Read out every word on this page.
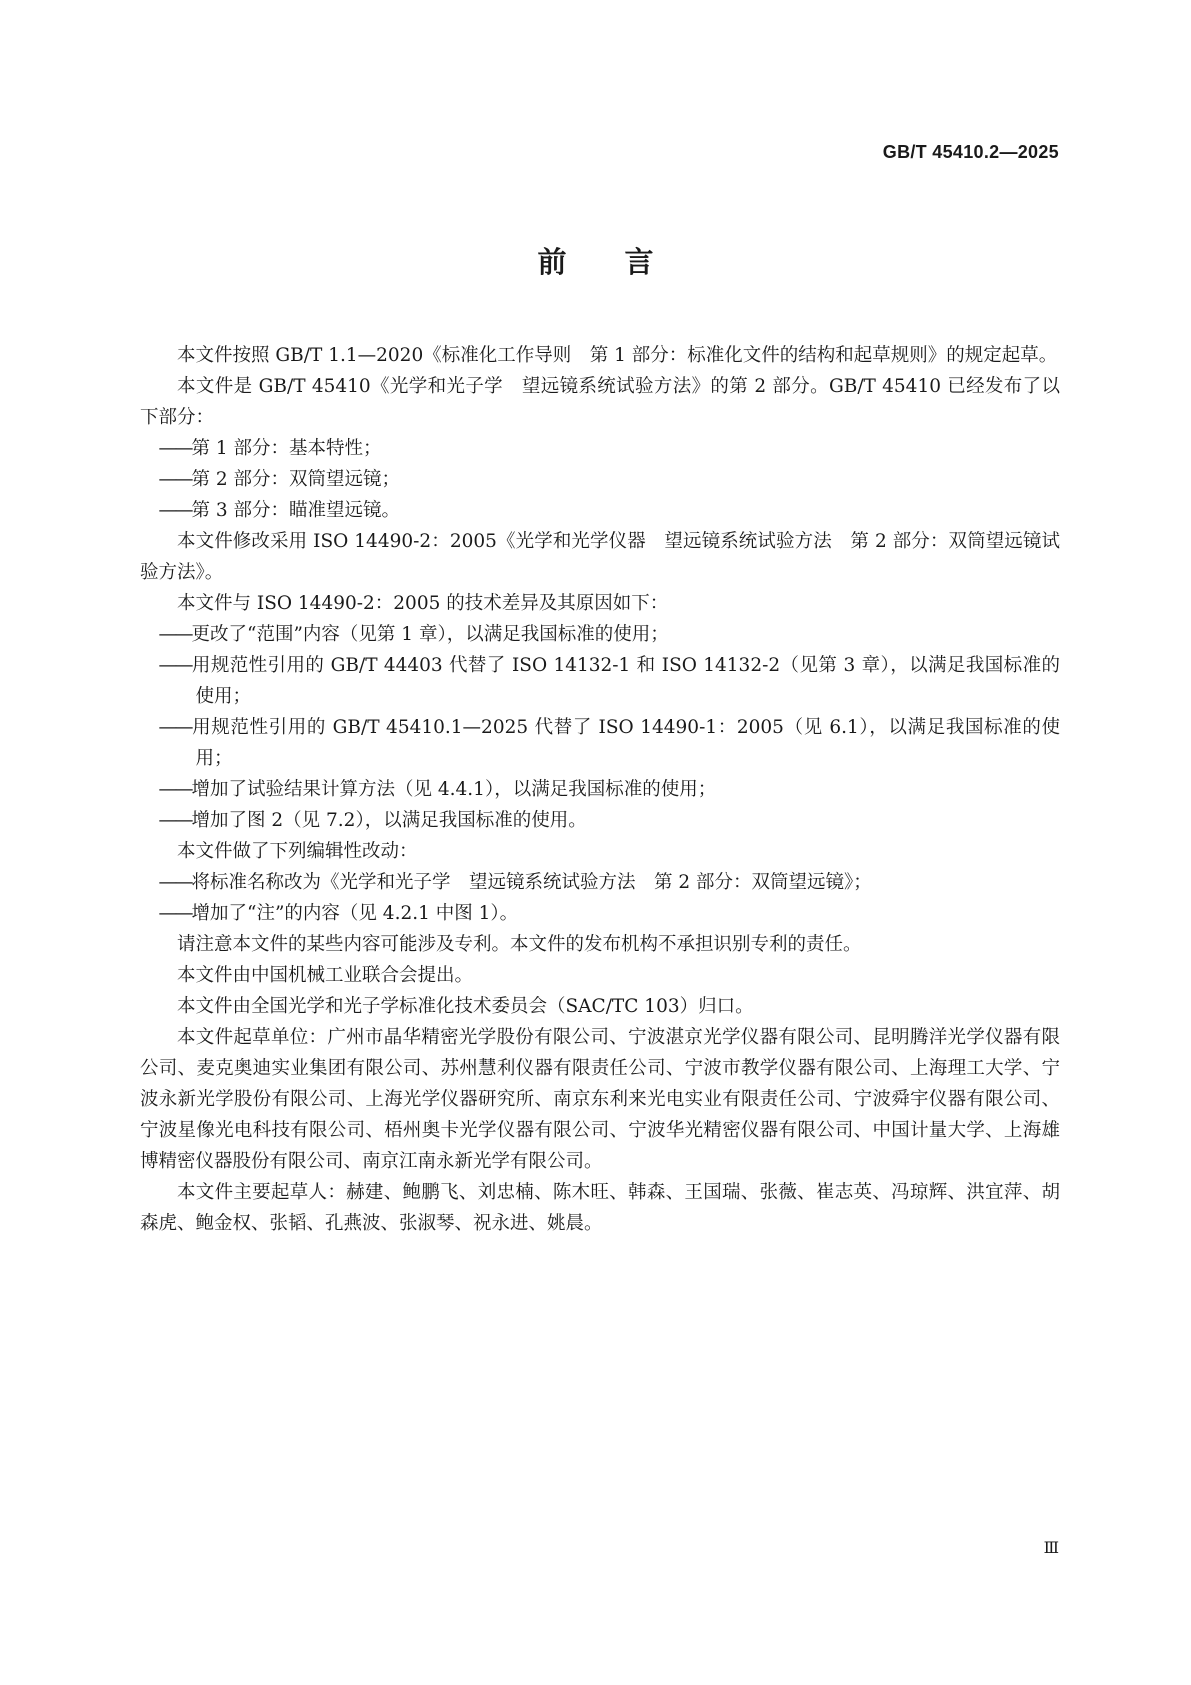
GB/T 45410.2—2025
前言

本文件按照 GB/T 1.1—2020《标准化工作导则　第 1 部分：标准化文件的结构和起草规则》的规定起草。

本文件是 GB/T 45410《光学和光子学　望远镜系统试验方法》的第 2 部分。GB/T 45410 已经发布了以下部分：

——第 1 部分：基本特性；

——第 2 部分：双筒望远镜；

——第 3 部分：瞄准望远镜。

本文件修改采用 ISO 14490-2：2005《光学和光学仪器　望远镜系统试验方法　第 2 部分：双筒望远镜试验方法》。

本文件与 ISO 14490-2：2005 的技术差异及其原因如下：

——更改了“范围”内容（见第 1 章），以满足我国标准的使用；

——用规范性引用的 GB/T 44403 代替了 ISO 14132-1 和 ISO 14132-2（见第 3 章），以满足我国标准的使用；

——用规范性引用的 GB/T 45410.1—2025 代替了 ISO 14490-1：2005（见 6.1），以满足我国标准的使用；

——增加了试验结果计算方法（见 4.4.1），以满足我国标准的使用；

——增加了图 2（见 7.2），以满足我国标准的使用。

本文件做了下列编辑性改动：

——将标准名称改为《光学和光子学　望远镜系统试验方法　第 2 部分：双筒望远镜》；

——增加了“注”的内容（见 4.2.1 中图 1）。

请注意本文件的某些内容可能涉及专利。本文件的发布机构不承担识别专利的责任。

本文件由中国机械工业联合会提出。

本文件由全国光学和光子学标准化技术委员会（SAC/TC 103）归口。

本文件起草单位：广州市晶华精密光学股份有限公司、宁波湛京光学仪器有限公司、昆明腾洋光学仪器有限公司、麦克奥迪实业集团有限公司、苏州慧利仪器有限责任公司、宁波市教学仪器有限公司、上海理工大学、宁波永新光学股份有限公司、上海光学仪器研究所、南京东利来光电实业有限责任公司、宁波舜宇仪器有限公司、宁波星像光电科技有限公司、梧州奥卡光学仪器有限公司、宁波华光精密仪器有限公司、中国计量大学、上海雄博精密仪器股份有限公司、南京江南永新光学有限公司。

本文件主要起草人：赫建、鲍鹏飞、刘忠楠、陈木旺、韩森、王国瑞、张薇、崔志英、冯琼辉、洪宜萍、胡森虎、鲍金权、张韬、孔燕波、张淑琴、祝永进、姚晨。

Ⅲ
